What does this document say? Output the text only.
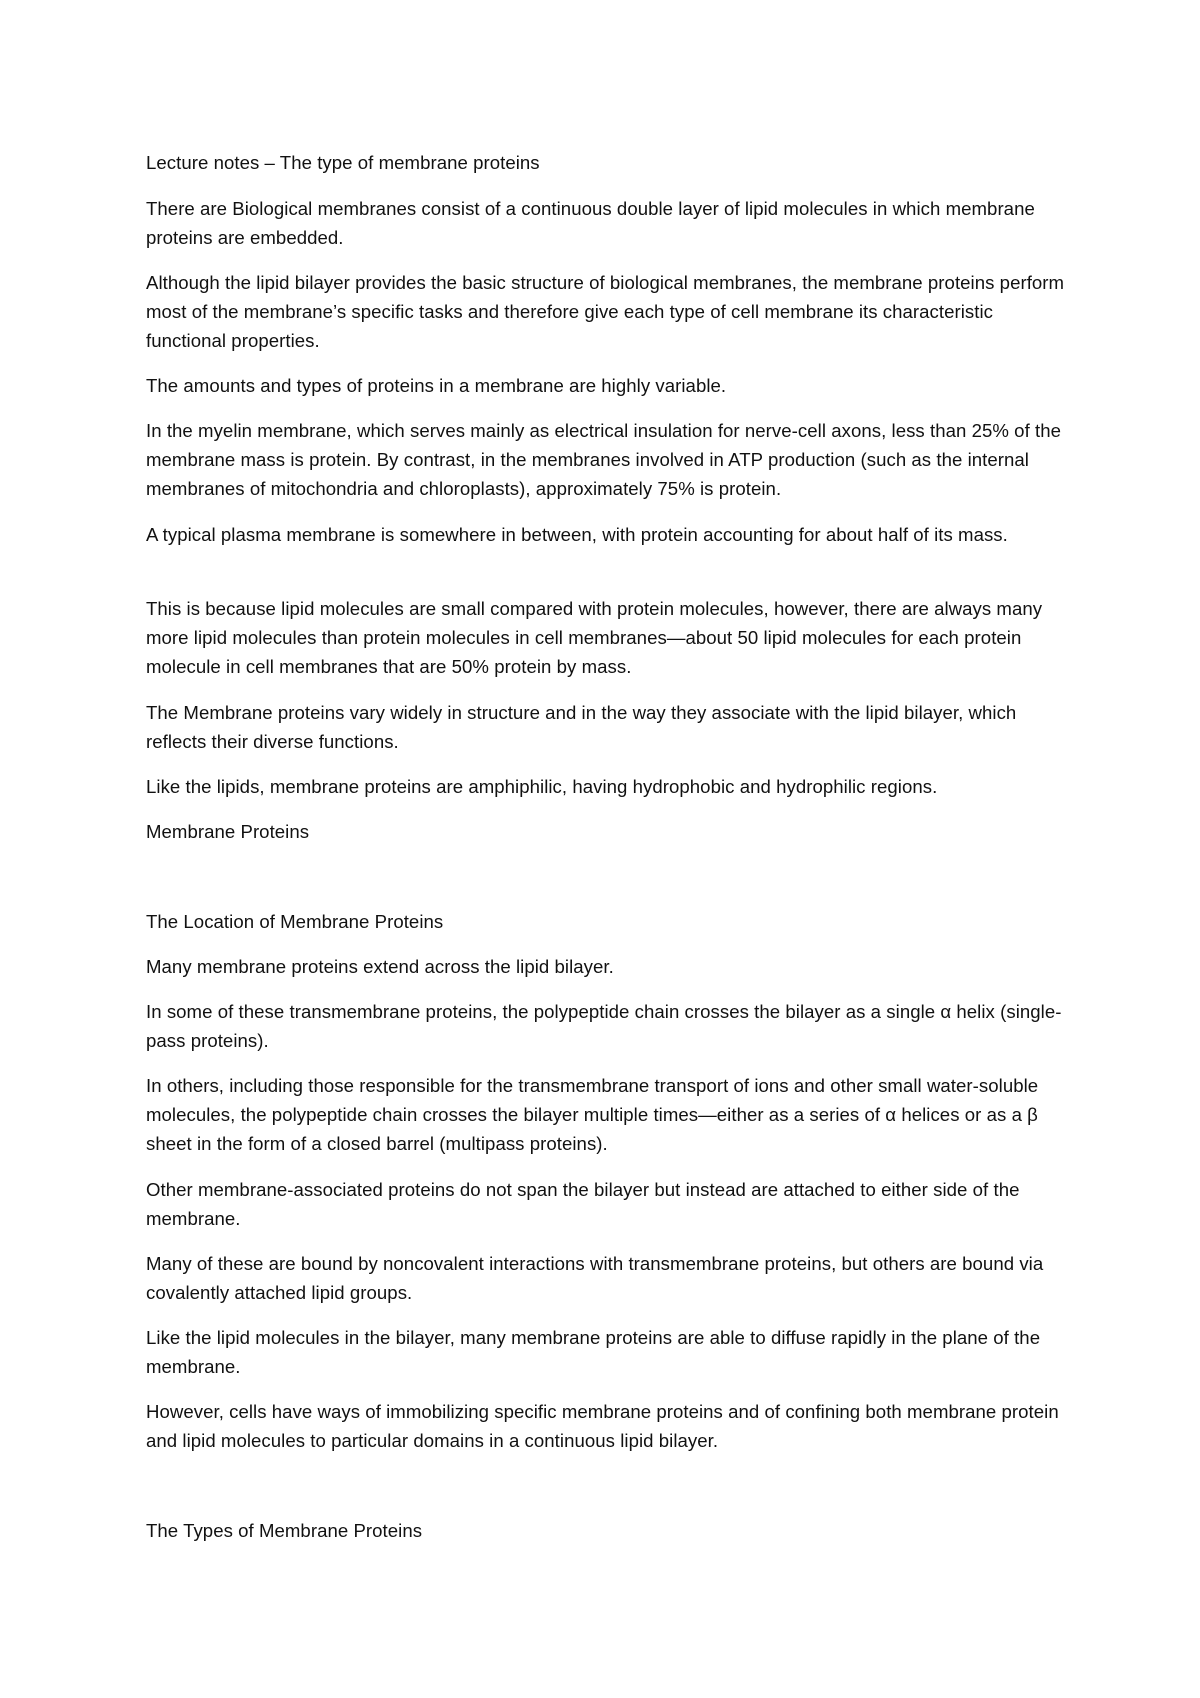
Lecture notes – The type of membrane proteins

There are Biological membranes consist of a continuous double layer of lipid molecules in which membrane proteins are embedded.

Although the lipid bilayer provides the basic structure of biological membranes, the membrane proteins perform most of the membrane’s specific tasks and therefore give each type of cell membrane its characteristic functional properties.

The amounts and types of proteins in a membrane are highly variable.

In the myelin membrane, which serves mainly as electrical insulation for nerve-cell axons, less than 25% of the membrane mass is protein. By contrast, in the membranes involved in ATP production (such as the internal membranes of mitochondria and chloroplasts), approximately 75% is protein.

A typical plasma membrane is somewhere in between, with protein accounting for about half of its mass.

This is because lipid molecules are small compared with protein molecules, however, there are always many more lipid molecules than protein molecules in cell membranes—about 50 lipid molecules for each protein molecule in cell membranes that are 50% protein by mass.

The Membrane proteins vary widely in structure and in the way they associate with the lipid bilayer, which reflects their diverse functions.

Like the lipids, membrane proteins are amphiphilic, having hydrophobic and hydrophilic regions.

Membrane Proteins

The Location of Membrane Proteins

Many membrane proteins extend across the lipid bilayer.

In some of these transmembrane proteins, the polypeptide chain crosses the bilayer as a single α helix (single-pass proteins).

In others, including those responsible for the transmembrane transport of ions and other small water-soluble molecules, the polypeptide chain crosses the bilayer multiple times—either as a series of α helices or as a β sheet in the form of a closed barrel (multipass proteins).

Other membrane-associated proteins do not span the bilayer but instead are attached to either side of the membrane.

Many of these are bound by noncovalent interactions with transmembrane proteins, but others are bound via covalently attached lipid groups.

Like the lipid molecules in the bilayer, many membrane proteins are able to diffuse rapidly in the plane of the membrane.

However, cells have ways of immobilizing specific membrane proteins and of confining both membrane protein and lipid molecules to particular domains in a continuous lipid bilayer.

The Types of Membrane Proteins
